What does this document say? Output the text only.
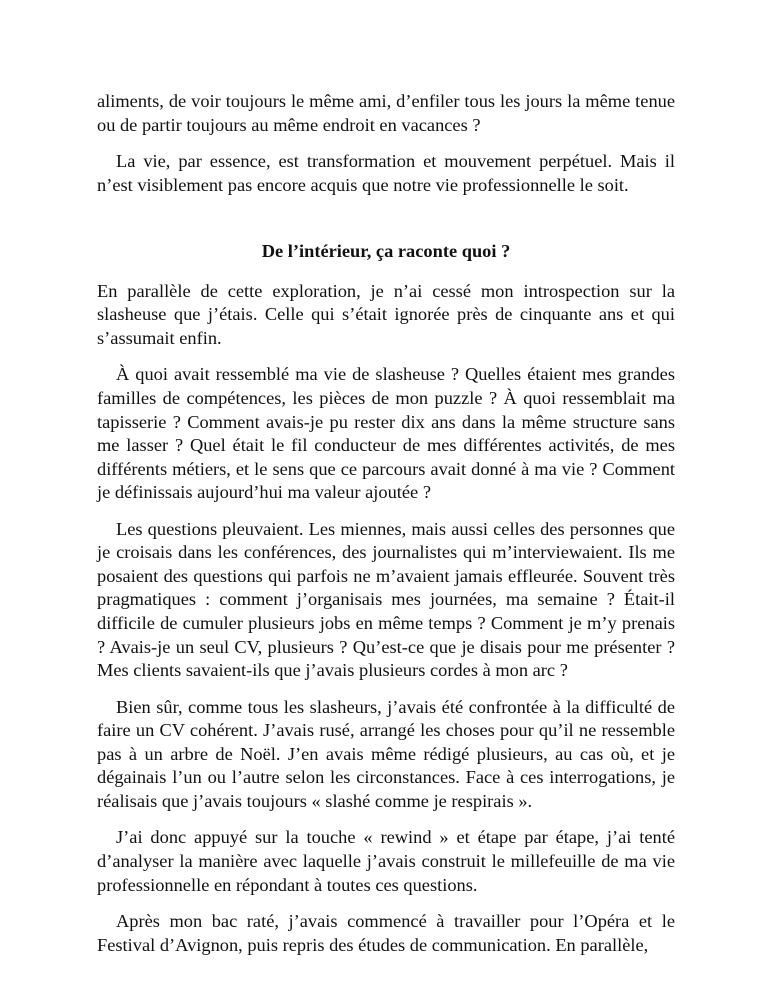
aliments, de voir toujours le même ami, d’enfiler tous les jours la même tenue ou de partir toujours au même endroit en vacances ?

La vie, par essence, est transformation et mouvement perpétuel. Mais il n’est visiblement pas encore acquis que notre vie professionnelle le soit.

De l’intérieur, ça raconte quoi ?

En parallèle de cette exploration, je n’ai cessé mon introspection sur la slasheuse que j’étais. Celle qui s’était ignorée près de cinquante ans et qui s’assumait enfin.

À quoi avait ressemblé ma vie de slasheuse ? Quelles étaient mes grandes familles de compétences, les pièces de mon puzzle ? À quoi ressemblait ma tapisserie ? Comment avais-je pu rester dix ans dans la même structure sans me lasser ? Quel était le fil conducteur de mes différentes activités, de mes différents métiers, et le sens que ce parcours avait donné à ma vie ? Comment je définissais aujourd’hui ma valeur ajoutée ?

Les questions pleuvaient. Les miennes, mais aussi celles des personnes que je croisais dans les conférences, des journalistes qui m’interviewaient. Ils me posaient des questions qui parfois ne m’avaient jamais effleurée. Souvent très pragmatiques : comment j’organisais mes journées, ma semaine ? Était-il difficile de cumuler plusieurs jobs en même temps ? Comment je m’y prenais ? Avais-je un seul CV, plusieurs ? Qu’est-ce que je disais pour me présenter ? Mes clients savaient-ils que j’avais plusieurs cordes à mon arc ?

Bien sûr, comme tous les slasheurs, j’avais été confrontée à la difficulté de faire un CV cohérent. J’avais rusé, arrangé les choses pour qu’il ne ressemble pas à un arbre de Noël. J’en avais même rédigé plusieurs, au cas où, et je dégainais l’un ou l’autre selon les circonstances. Face à ces interrogations, je réalisais que j’avais toujours « slashé comme je respirais ».

J’ai donc appuyé sur la touche « rewind » et étape par étape, j’ai tenté d’analyser la manière avec laquelle j’avais construit le millefeuille de ma vie professionnelle en répondant à toutes ces questions.

Après mon bac raté, j’avais commencé à travailler pour l’Opéra et le Festival d’Avignon, puis repris des études de communication. En parallèle,
